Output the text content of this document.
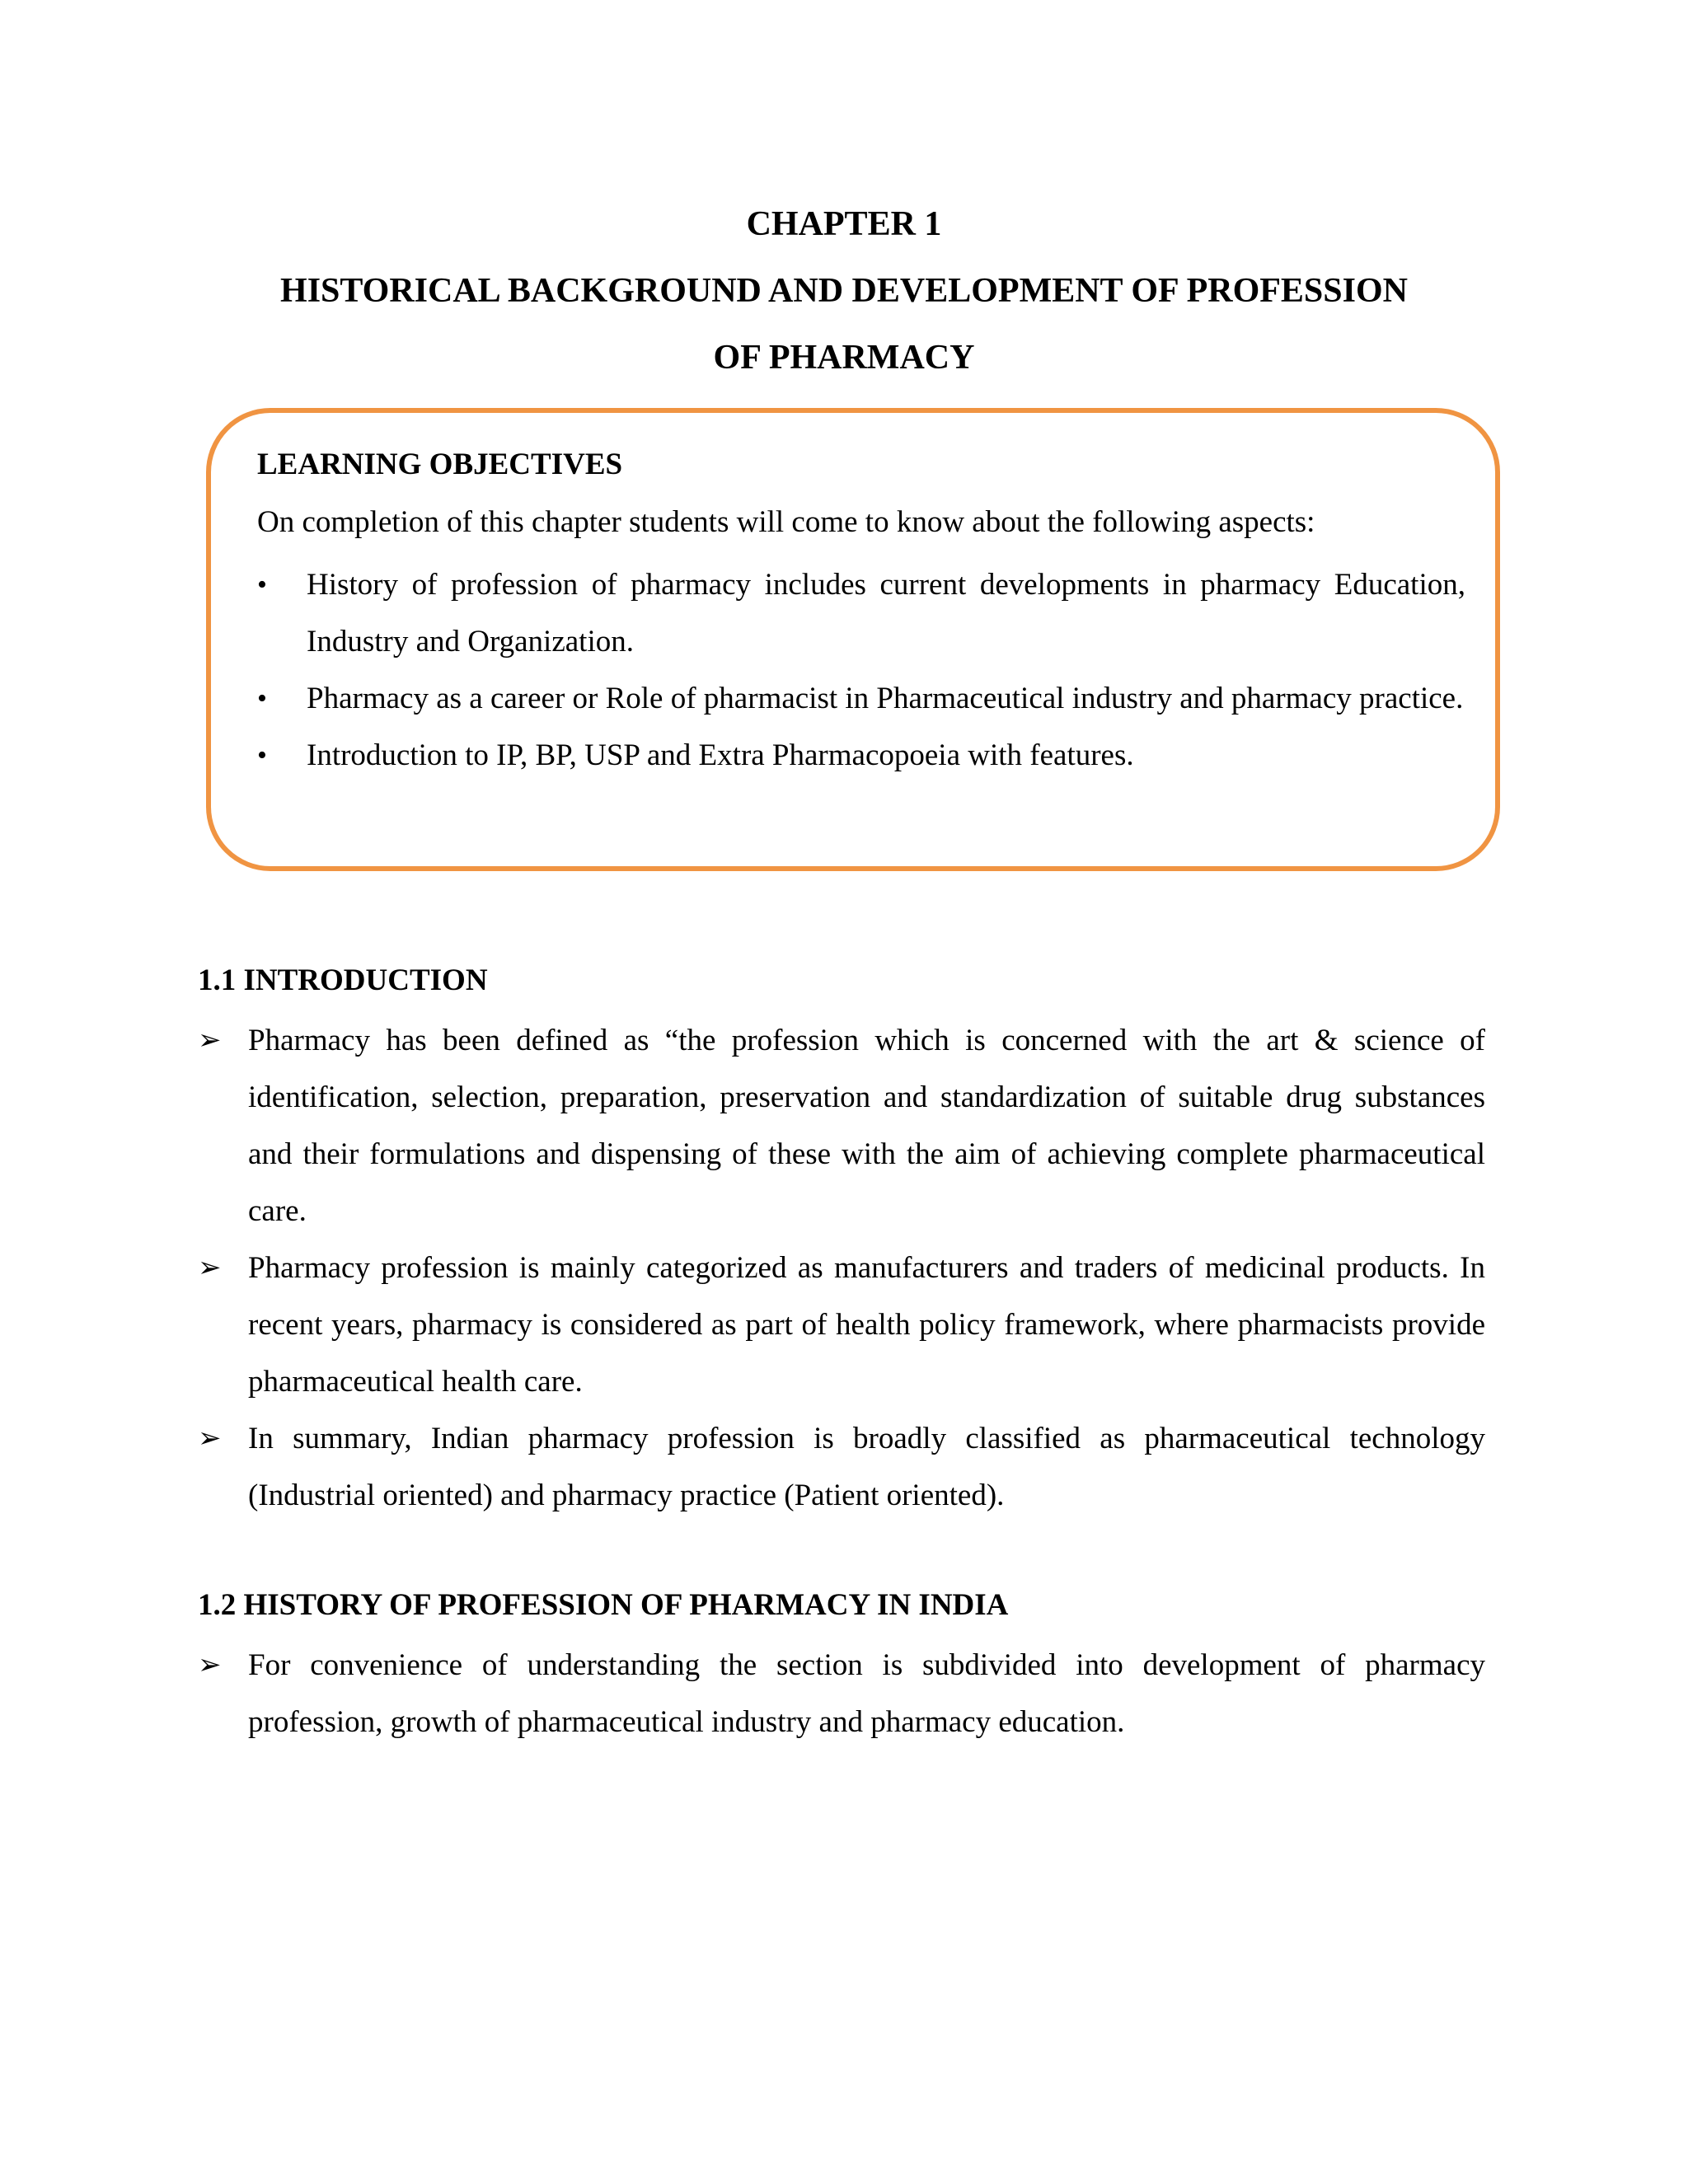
CHAPTER 1
HISTORICAL BACKGROUND AND DEVELOPMENT OF PROFESSION
OF PHARMACY
LEARNING OBJECTIVES
On completion of this chapter students will come to know about the following aspects:
• History of profession of pharmacy includes current developments in pharmacy Education, Industry and Organization.
• Pharmacy as a career or Role of pharmacist in Pharmaceutical industry and pharmacy practice.
• Introduction to IP, BP, USP and Extra Pharmacopoeia with features.
1.1 INTRODUCTION
➢ Pharmacy has been defined as “the profession which is concerned with the art & science of identification, selection, preparation, preservation and standardization of suitable drug substances and their formulations and dispensing of these with the aim of achieving complete pharmaceutical care.
➢ Pharmacy profession is mainly categorized as manufacturers and traders of medicinal products. In recent years, pharmacy is considered as part of health policy framework, where pharmacists provide pharmaceutical health care.
➢ In summary, Indian pharmacy profession is broadly classified as pharmaceutical technology (Industrial oriented) and pharmacy practice (Patient oriented).
1.2 HISTORY OF PROFESSION OF PHARMACY IN INDIA
➢ For convenience of understanding the section is subdivided into development of pharmacy profession, growth of pharmaceutical industry and pharmacy education.
